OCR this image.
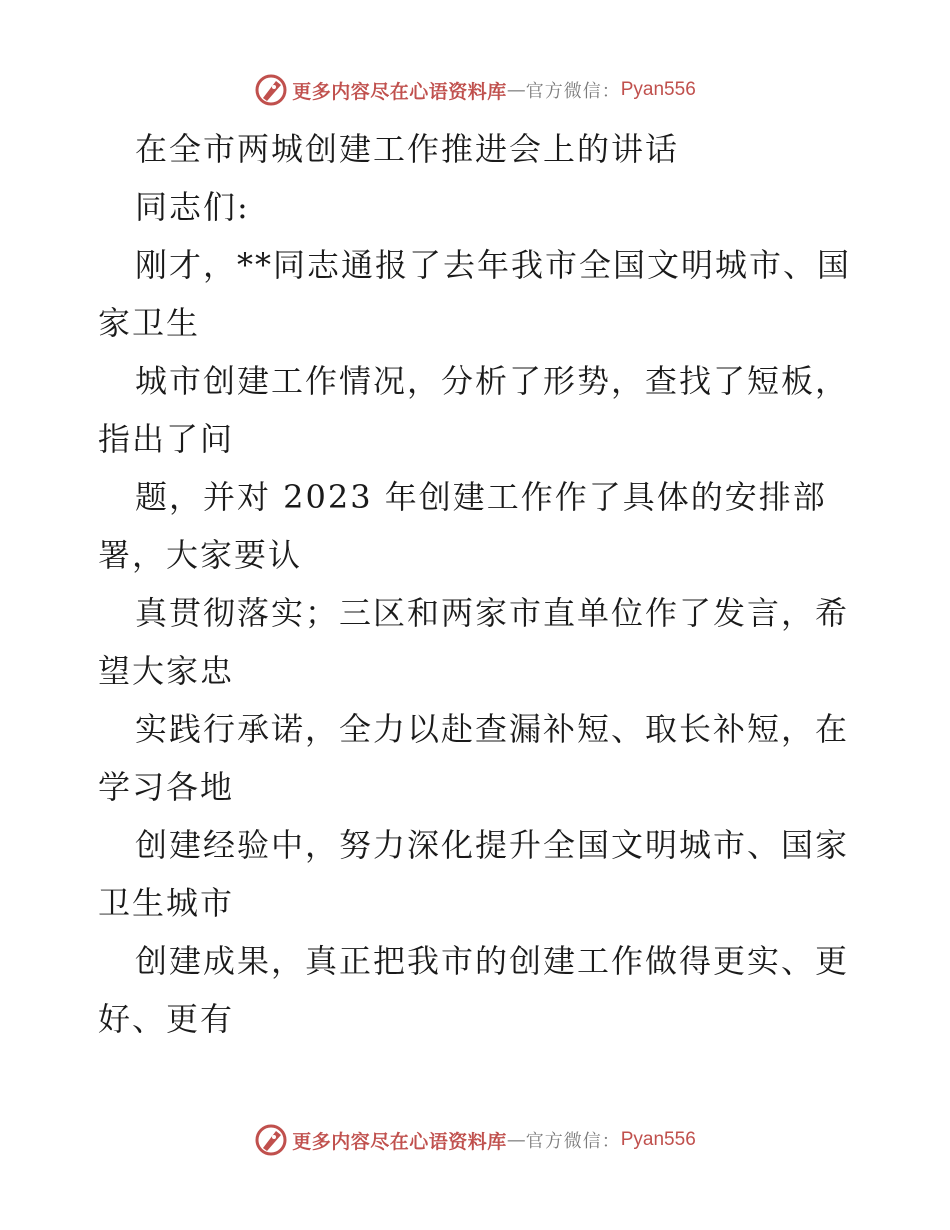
更多内容尽在心语资料库 — 官方微信： Pyan556
在全市两城创建工作推进会上的讲话
同志们:
刚才，**同志通报了去年我市全国文明城市、国
家卫生
城市创建工作情况，分析了形势，查找了短板，
指出了问
题，并对 2023 年创建工作作了具体的安排部
署，大家要认
真贯彻落实；三区和两家市直单位作了发言，希
望大家忠
实践行承诺，全力以赴查漏补短、取长补短，在
学习各地
创建经验中，努力深化提升全国文明城市、国家
卫生城市
创建成果，真正把我市的创建工作做得更实、更
好、更有
更多内容尽在心语资料库 — 官方微信： Pyan556
